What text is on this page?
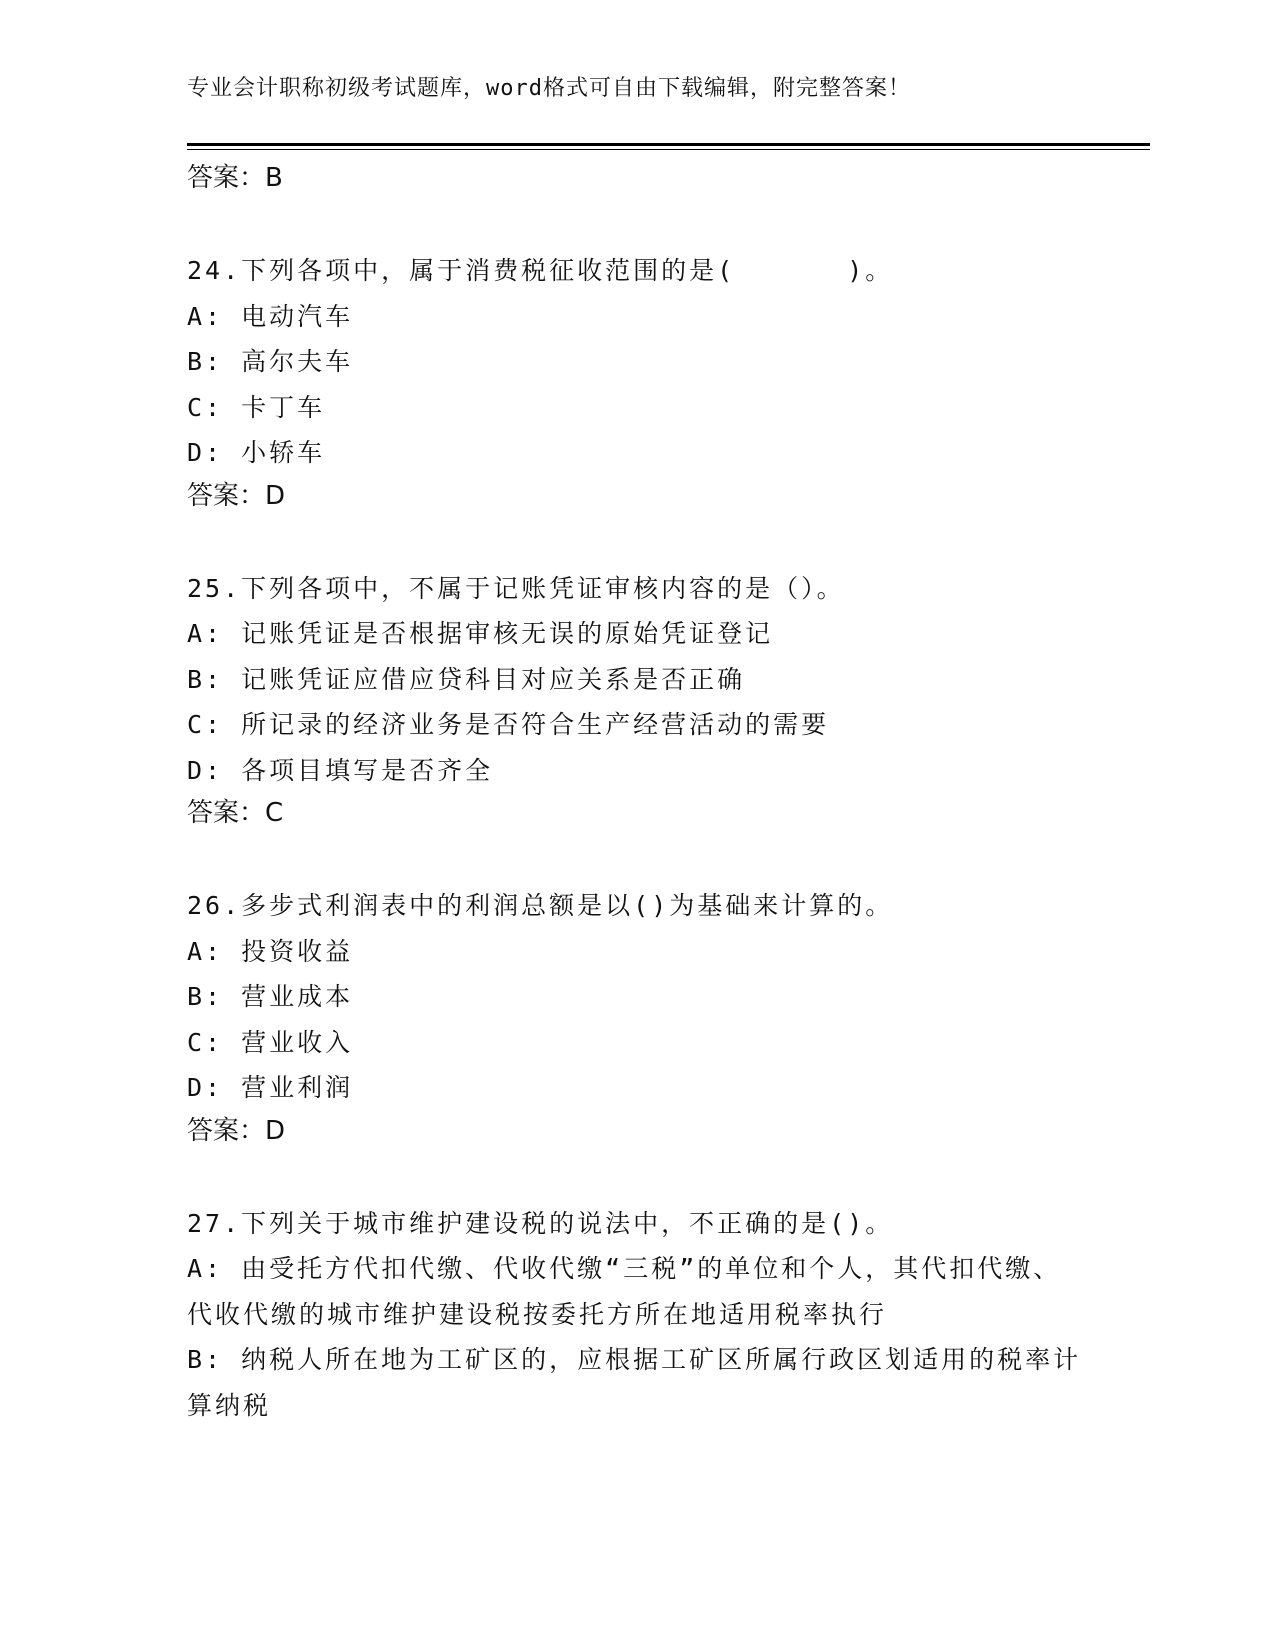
专业会计职称初级考试题库，word格式可自由下载编辑，附完整答案！

答案：B

24.下列各项中，属于消费税征收范围的是(　　　　)。

A: 电动汽车

B: 高尔夫车

C: 卡丁车

D: 小轿车

答案：D

25.下列各项中，不属于记账凭证审核内容的是（）。

A: 记账凭证是否根据审核无误的原始凭证登记

B: 记账凭证应借应贷科目对应关系是否正确

C: 所记录的经济业务是否符合生产经营活动的需要

D: 各项目填写是否齐全

答案：C

26.多步式利润表中的利润总额是以()为基础来计算的。

A: 投资收益

B: 营业成本

C: 营业收入

D: 营业利润

答案：D

27.下列关于城市维护建设税的说法中，不正确的是()。

A: 由受托方代扣代缴、代收代缴“三税”的单位和个人，其代扣代缴、代收代缴的城市维护建设税按委托方所在地适用税率执行

B: 纳税人所在地为工矿区的，应根据工矿区所属行政区划适用的税率计算纳税
